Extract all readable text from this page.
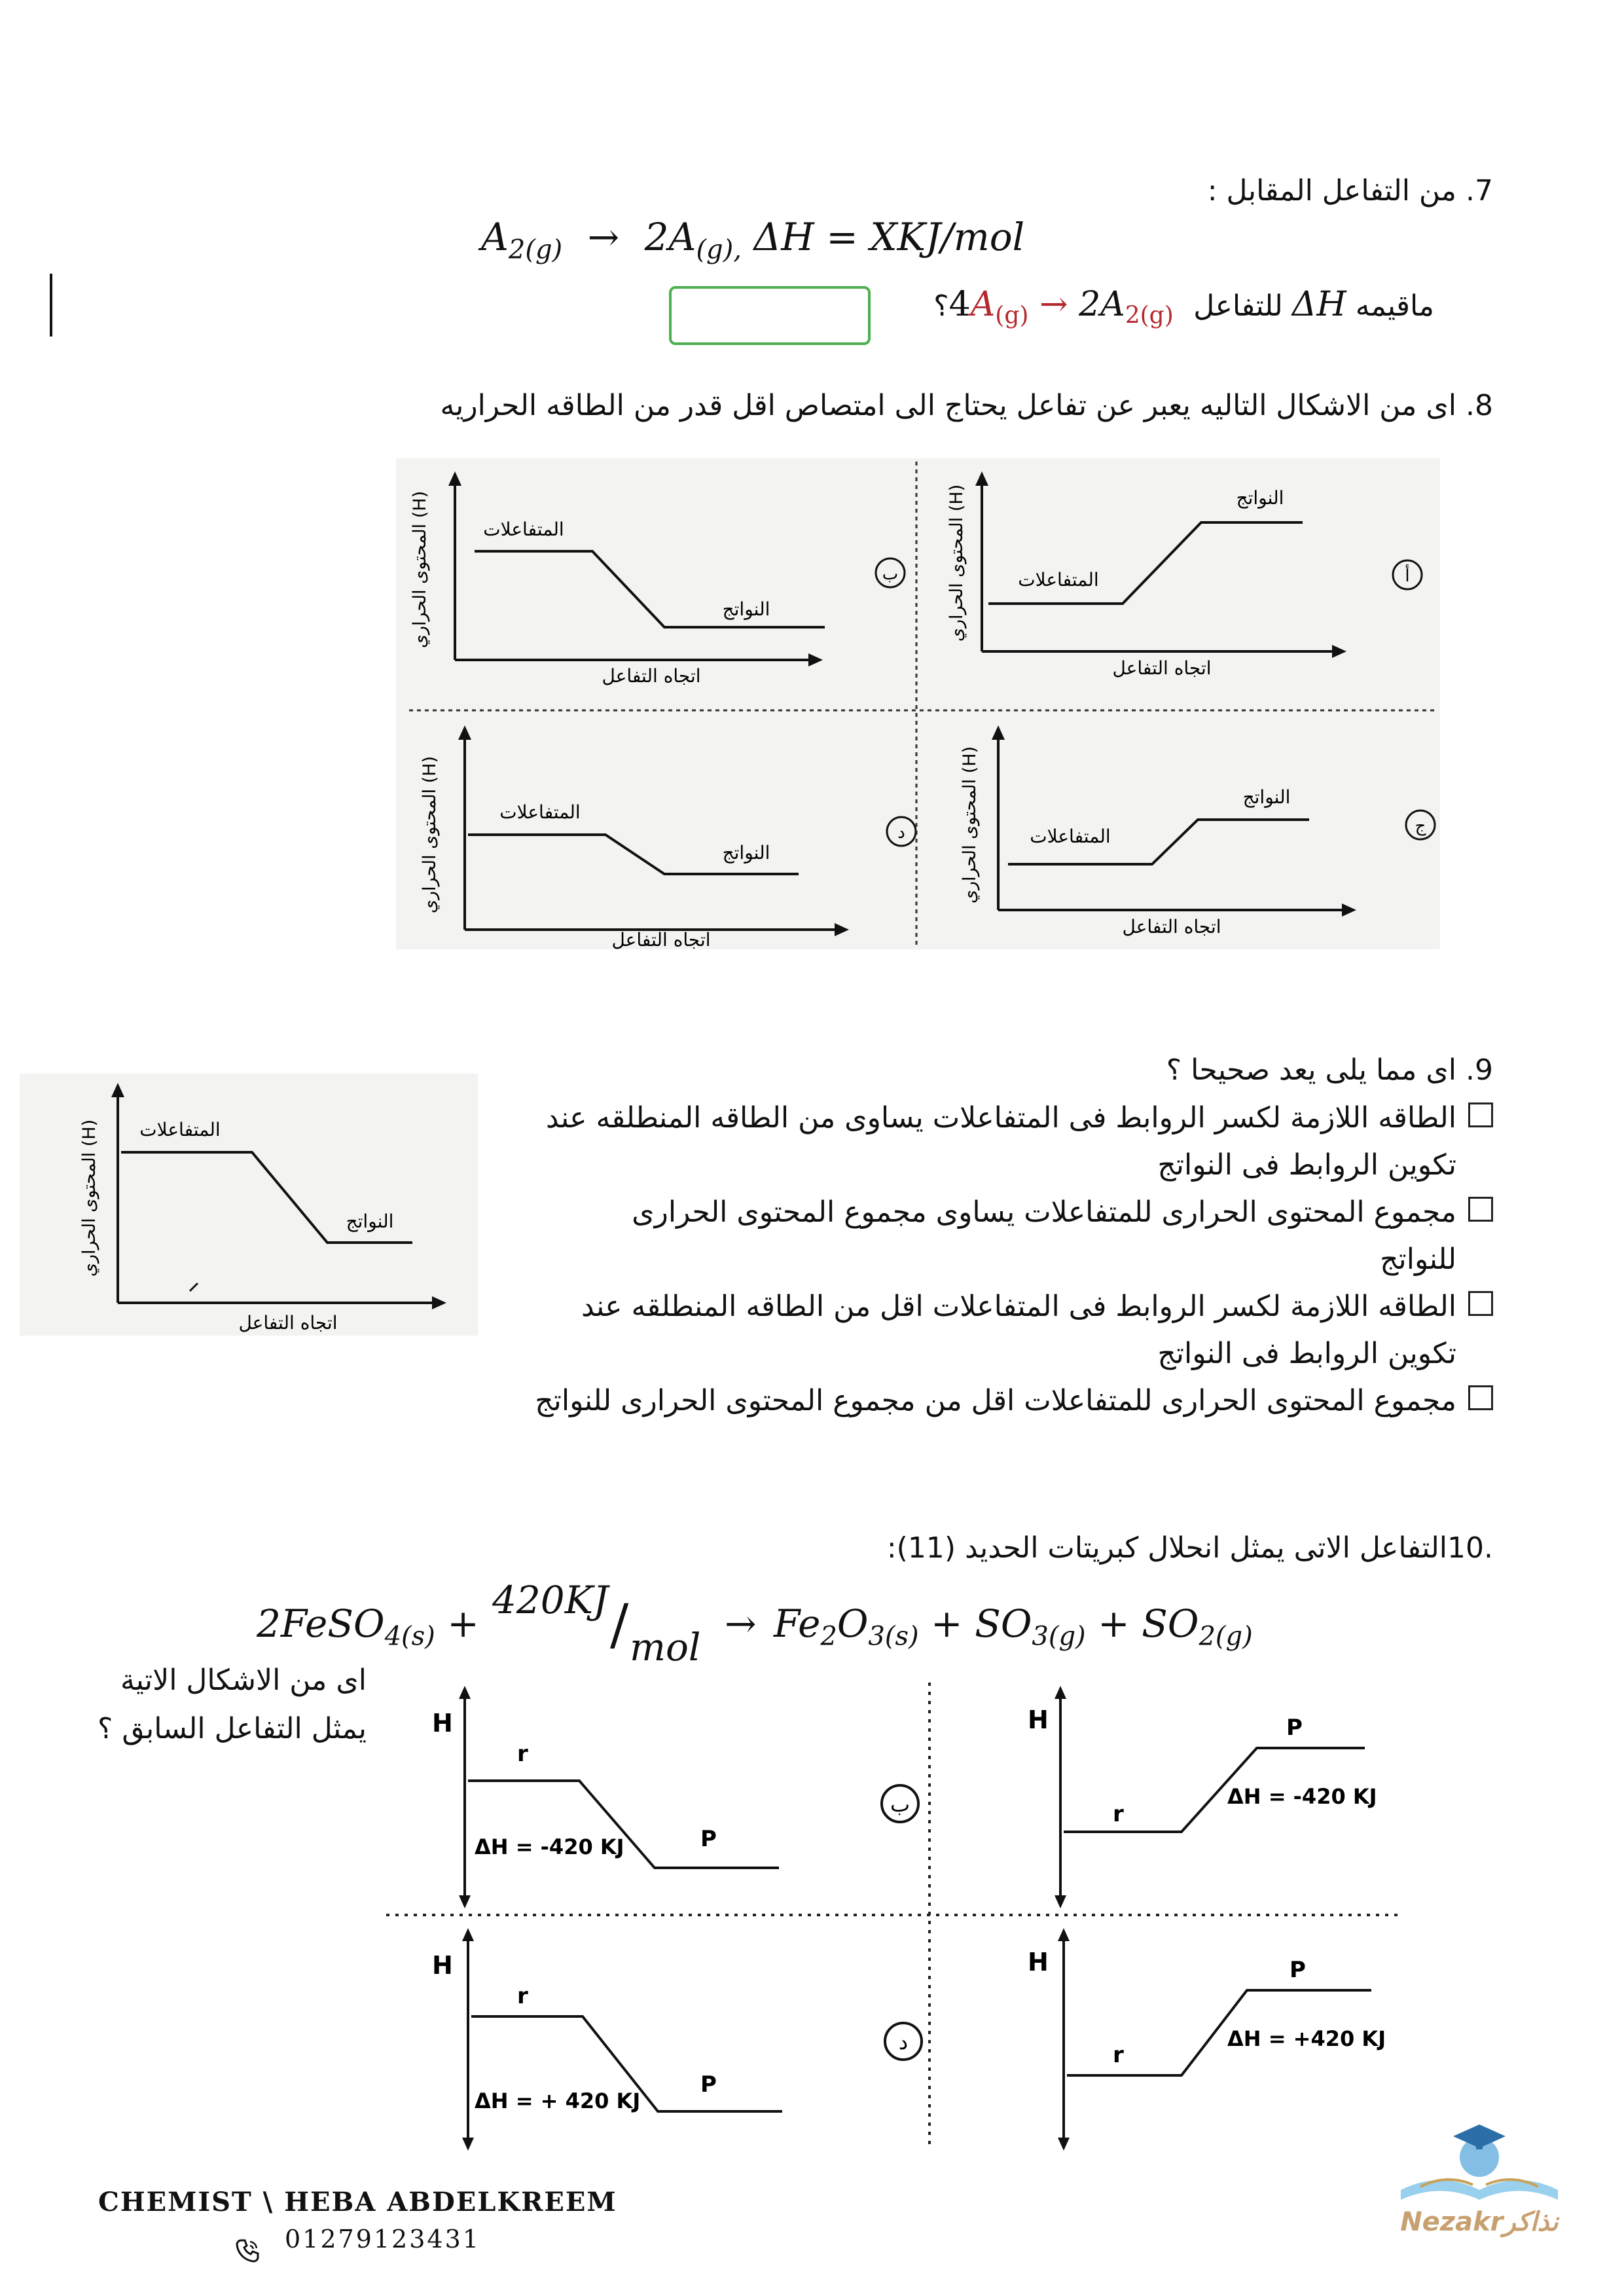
7. من التفاعل المقابل :
$A_{2(g)} \to 2A_{(g),}$ ΔH = XKJ/mol
ماقيمه ΔH للتفاعل $4A_{(g)} \to 2A_{2(g)}$ ؟
8. اى من الاشكال التاليه يعبر عن تفاعل يحتاج الى امتصاص اقل قدر من الطاقه الحراريه
المتفاعلات
النواتج
اتجاه التفاعل
المحتوى الحراري (H)
أ
المتفاعلات
النواتج
اتجاه التفاعل
المحتوى الحراري (H)
ب
المتفاعلات
النواتج
اتجاه التفاعل
المحتوى الحراري (H)
ج
المتفاعلات
النواتج
اتجاه التفاعل
المحتوى الحراري (H)
د
9. اى مما يلى يعد صحيحا ؟
الطاقه اللازمة لكسر الروابط فى المتفاعلات يساوى من الطاقه المنطلقه عند تكوين الروابط فى النواتج
مجموع المحتوى الحرارى للمتفاعلات يساوى مجموع المحتوى الحرارى للنواتج
الطاقه اللازمة لكسر الروابط فى المتفاعلات اقل من الطاقه المنطلقه عند تكوين الروابط فى النواتج
مجموع المحتوى الحرارى للمتفاعلات اقل من مجموع المحتوى الحرارى للنواتج
المتفاعلات
النواتج
اتجاه التفاعل
المحتوى الحراري (H)
.10التفاعل الاتى يمثل انحلال كبريتات الحديد (11):
2FeSO$_{4(s)}$ +
420KJ / mol
→ $Fe_2O_{3(s)} + SO_{3(g)} + SO_{2(g)}$
اى من الاشكال الاتية يمثل التفاعل السابق ؟	H
r
P
ΔH = -420 KJ
ب
H
r
P
ΔH = -420 KJ
H
r
P
ΔH = + 420 KJ
د
H
r
P
ΔH = +420 KJ
CHEMIST \ HEBA ABDELKREEM
01279123431
Nezakrنذاكر
